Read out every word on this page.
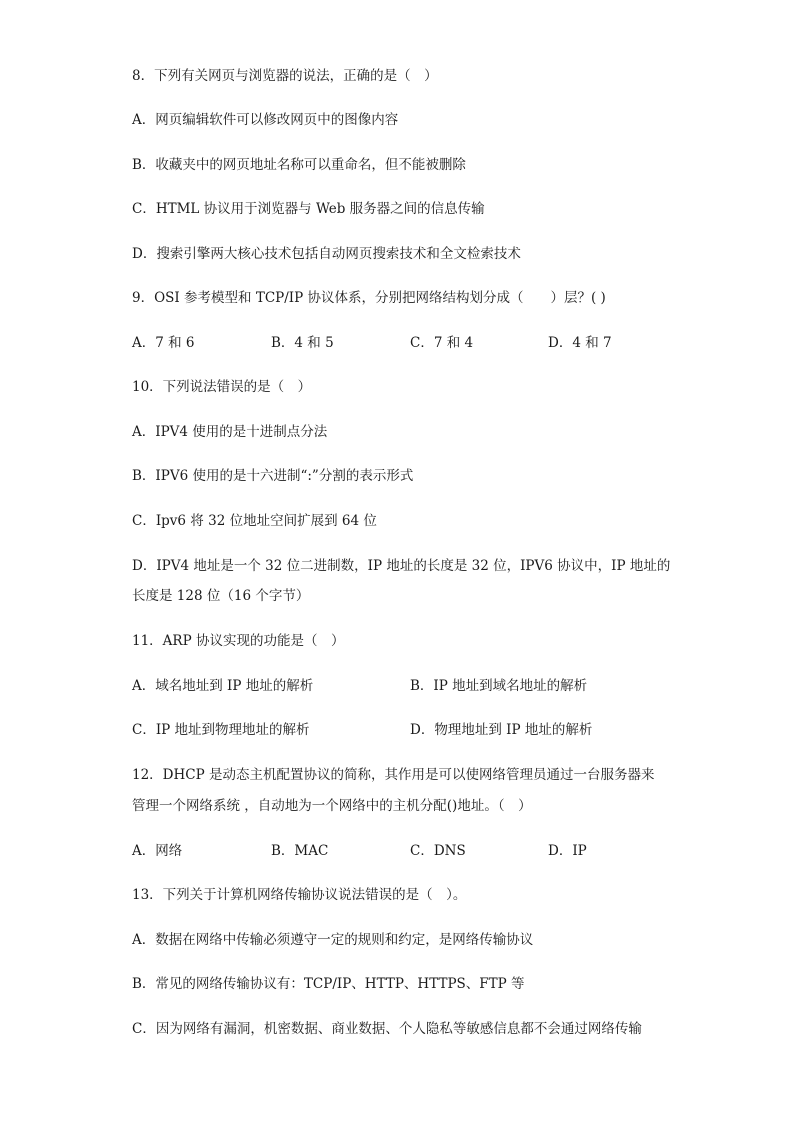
8．下列有关网页与浏览器的说法，正确的是（　）
A．网页编辑软件可以修改网页中的图像内容
B．收藏夹中的网页地址名称可以重命名，但不能被删除
C．HTML 协议用于浏览器与 Web 服务器之间的信息传输
D．搜索引擎两大核心技术包括自动网页搜索技术和全文检索技术
9．OSI 参考模型和 TCP/IP 协议体系，分别把网络结构划分成（　　）层？( )
A．7 和 6	B．4 和 5	C．7 和 4	D．4 和 7
10．下列说法错误的是（　）
A．IPV4 使用的是十进制点分法
B．IPV6 使用的是十六进制“:”分割的表示形式
C．Ipv6 将 32 位地址空间扩展到 64 位
D．IPV4 地址是一个 32 位二进制数，IP 地址的长度是 32 位，IPV6 协议中，IP 地址的
长度是 128 位（16 个字节）
11．ARP 协议实现的功能是（　）
A．域名地址到 IP 地址的解析	B．IP 地址到域名地址的解析
C．IP 地址到物理地址的解析	D．物理地址到 IP 地址的解析
12．DHCP 是动态主机配置协议的简称，其作用是可以使网络管理员通过一台服务器来
管理一个网络系统 ，自动地为一个网络中的主机分配()地址。（　）
A．网络	B．MAC	C．DNS	D．IP
13．下列关于计算机网络传输协议说法错误的是（　）。
A．数据在网络中传输必须遵守一定的规则和约定，是网络传输协议
B．常见的网络传输协议有：TCP/IP、HTTP、HTTPS、FTP 等
C．因为网络有漏洞，机密数据、商业数据、个人隐私等敏感信息都不会通过网络传输
